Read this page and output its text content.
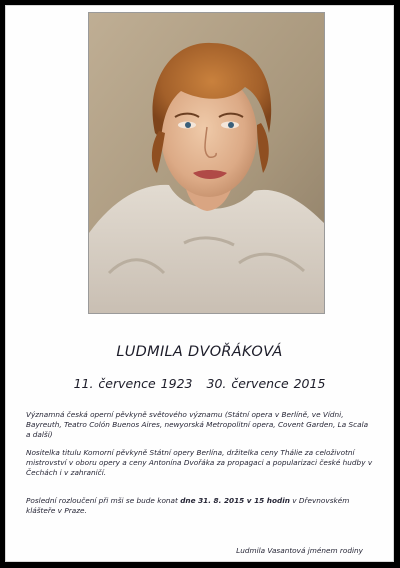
LUDMILA DVOŘÁKOVÁ
11. července 1923 30. července 2015
Významná česká operní pěvkyně světového významu (Státní opera v Berlíně, ve Vídni, Bayreuth, Teatro Colón Buenos Aires, newyorská Metropolitní opera, Covent Garden, La Scala a další)
Nositelka titulu Komorní pěvkyně Státní opery Berlína, držitelka ceny Thálie za celoživotní mistrovství v oboru opery a ceny Antonína Dvořáka za propagaci a popularizaci české hudby v Čechách i v zahraničí.
Poslední rozloučení při mši se bude konat dne 31. 8. 2015 v 15 hodin v Dřevnovském klášteře v Praze.
Ludmila Vasantová jménem rodiny
